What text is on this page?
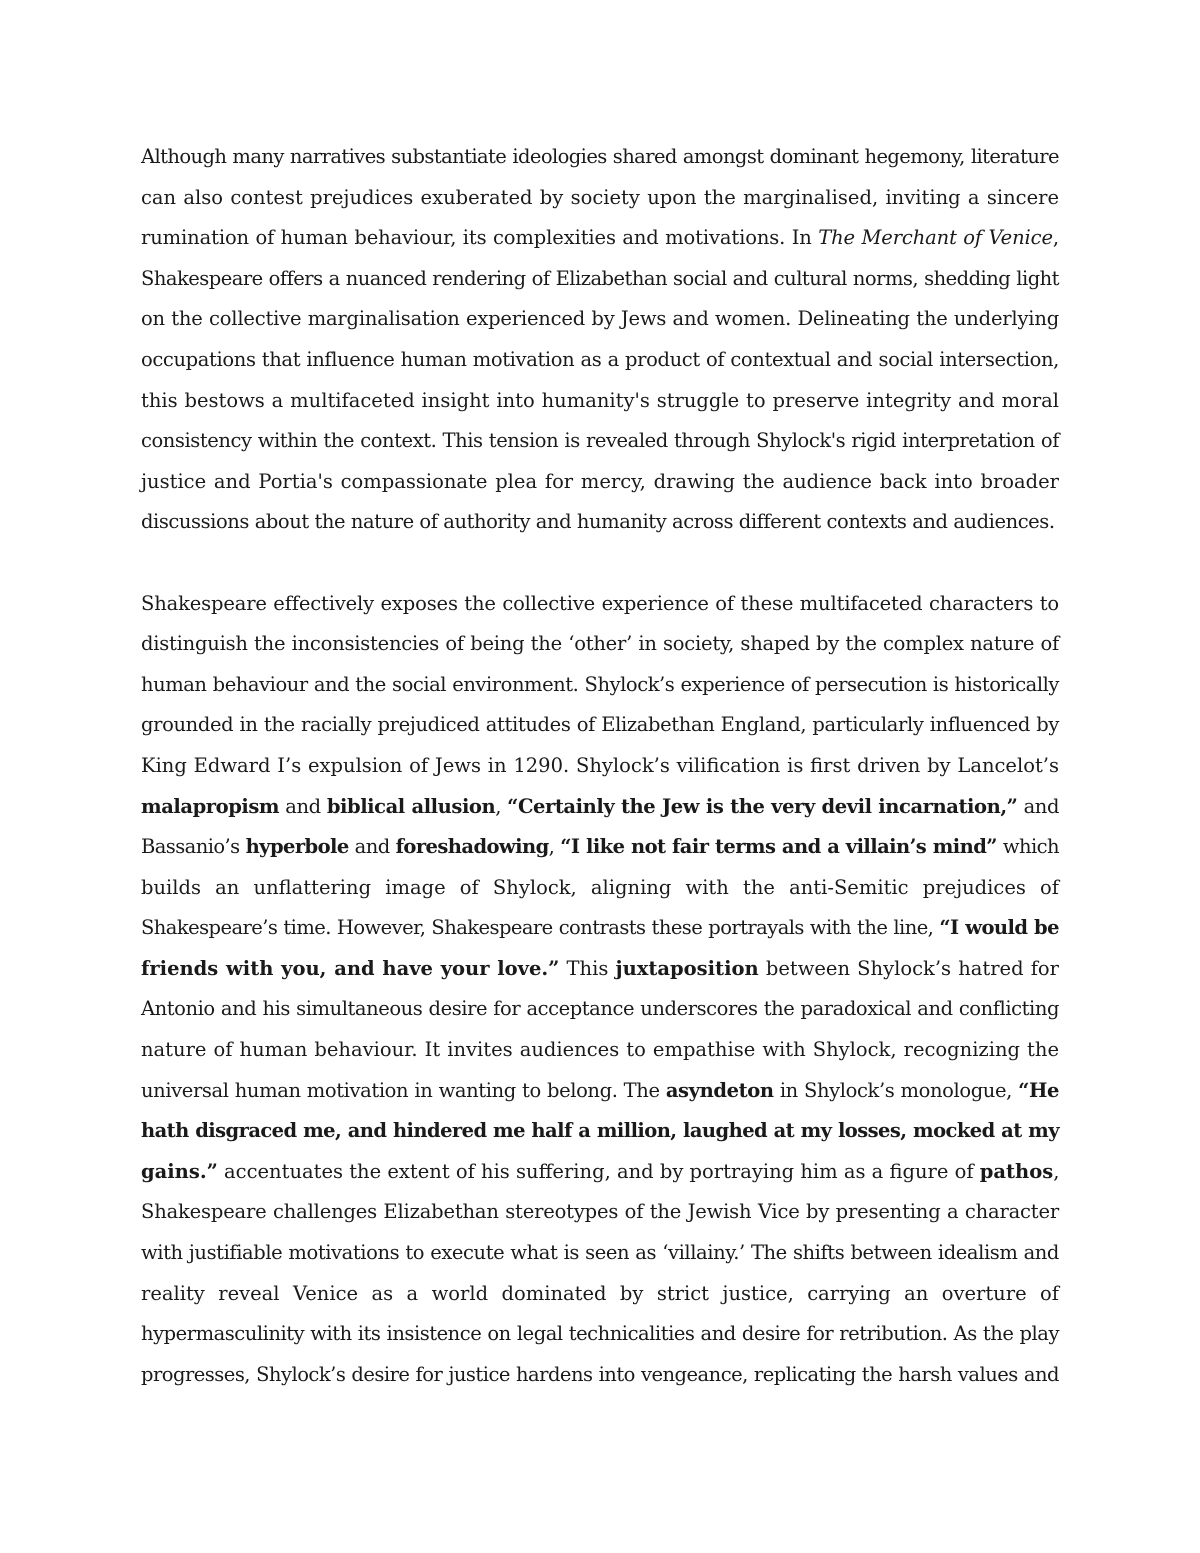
Although many narratives substantiate ideologies shared amongst dominant hegemony, literature
can also contest prejudices exuberated by society upon the marginalised, inviting a sincere
rumination of human behaviour, its complexities and motivations. In The Merchant of Venice,
Shakespeare offers a nuanced rendering of Elizabethan social and cultural norms, shedding light
on the collective marginalisation experienced by Jews and women. Delineating the underlying
occupations that influence human motivation as a product of contextual and social intersection,
this bestows a multifaceted insight into humanity's struggle to preserve integrity and moral
consistency within the context. This tension is revealed through Shylock's rigid interpretation of
justice and Portia's compassionate plea for mercy, drawing the audience back into broader
discussions about the nature of authority and humanity across different contexts and audiences.
Shakespeare effectively exposes the collective experience of these multifaceted characters to
distinguish the inconsistencies of being the ‘other’ in society, shaped by the complex nature of
human behaviour and the social environment. Shylock’s experience of persecution is historically
grounded in the racially prejudiced attitudes of Elizabethan England, particularly influenced by
King Edward I’s expulsion of Jews in 1290. Shylock’s vilification is first driven by Lancelot’s
malapropism and biblical allusion, “Certainly the Jew is the very devil incarnation,” and
Bassanio’s hyperbole and foreshadowing, “I like not fair terms and a villain’s mind” which
builds an unflattering image of Shylock, aligning with the anti-Semitic prejudices of
Shakespeare’s time. However, Shakespeare contrasts these portrayals with the line, “I would be
friends with you, and have your love.” This juxtaposition between Shylock’s hatred for
Antonio and his simultaneous desire for acceptance underscores the paradoxical and conflicting
nature of human behaviour. It invites audiences to empathise with Shylock, recognizing the
universal human motivation in wanting to belong. The asyndeton in Shylock’s monologue, “He
hath disgraced me, and hindered me half a million, laughed at my losses, mocked at my
gains.” accentuates the extent of his suffering, and by portraying him as a figure of pathos,
Shakespeare challenges Elizabethan stereotypes of the Jewish Vice by presenting a character
with justifiable motivations to execute what is seen as ‘villainy.’ The shifts between idealism and
reality reveal Venice as a world dominated by strict justice, carrying an overture of
hypermasculinity with its insistence on legal technicalities and desire for retribution. As the play
progresses, Shylock’s desire for justice hardens into vengeance, replicating the harsh values and
